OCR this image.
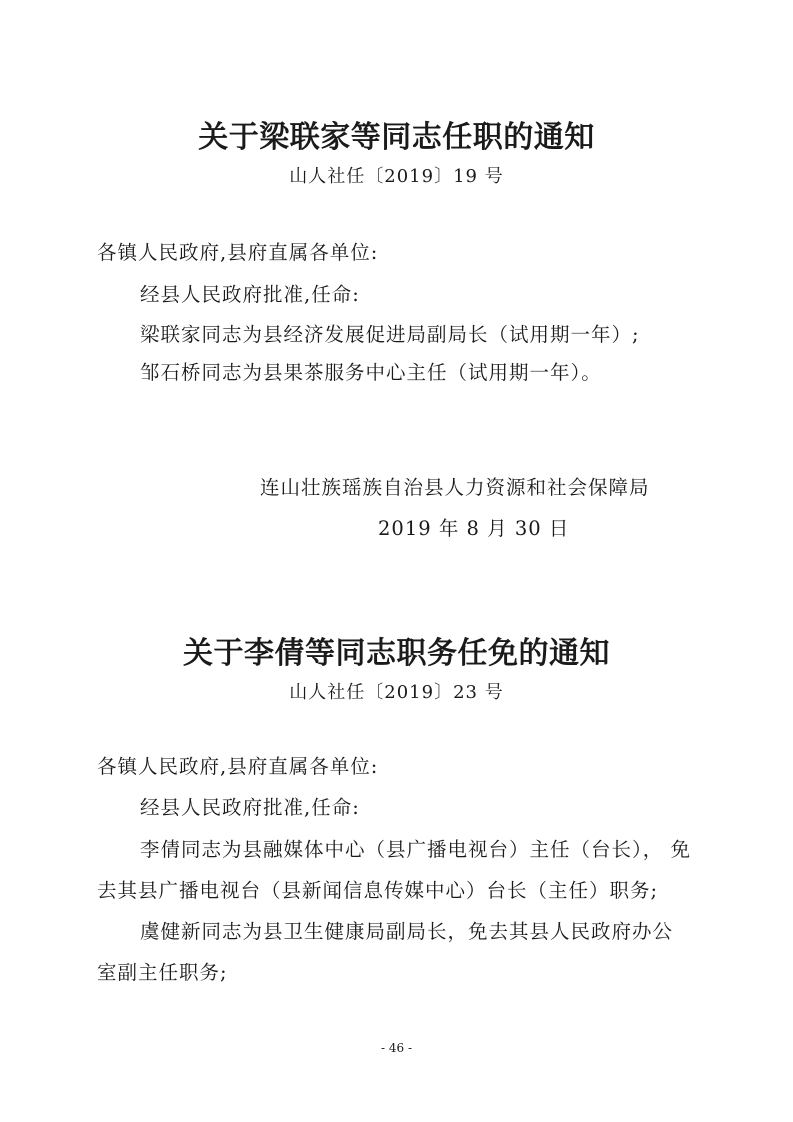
关于梁联家等同志任职的通知

山人社任〔2019〕19 号

各镇人民政府,县府直属各单位:

经县人民政府批准,任命:

梁联家同志为县经济发展促进局副局长（试用期一年）;

邹石桥同志为县果茶服务中心主任（试用期一年）。

连山壮族瑶族自治县人力资源和社会保障局

2019 年 8 月 30 日

关于李倩等同志职务任免的通知

山人社任〔2019〕23 号

各镇人民政府,县府直属各单位:

经县人民政府批准,任命:

李倩同志为县融媒体中心（县广播电视台）主任（台长）， 免

去其县广播电视台（县新闻信息传媒中心）台长（主任）职务;

虞健新同志为县卫生健康局副局长，免去其县人民政府办公

室副主任职务;

- 46 -
